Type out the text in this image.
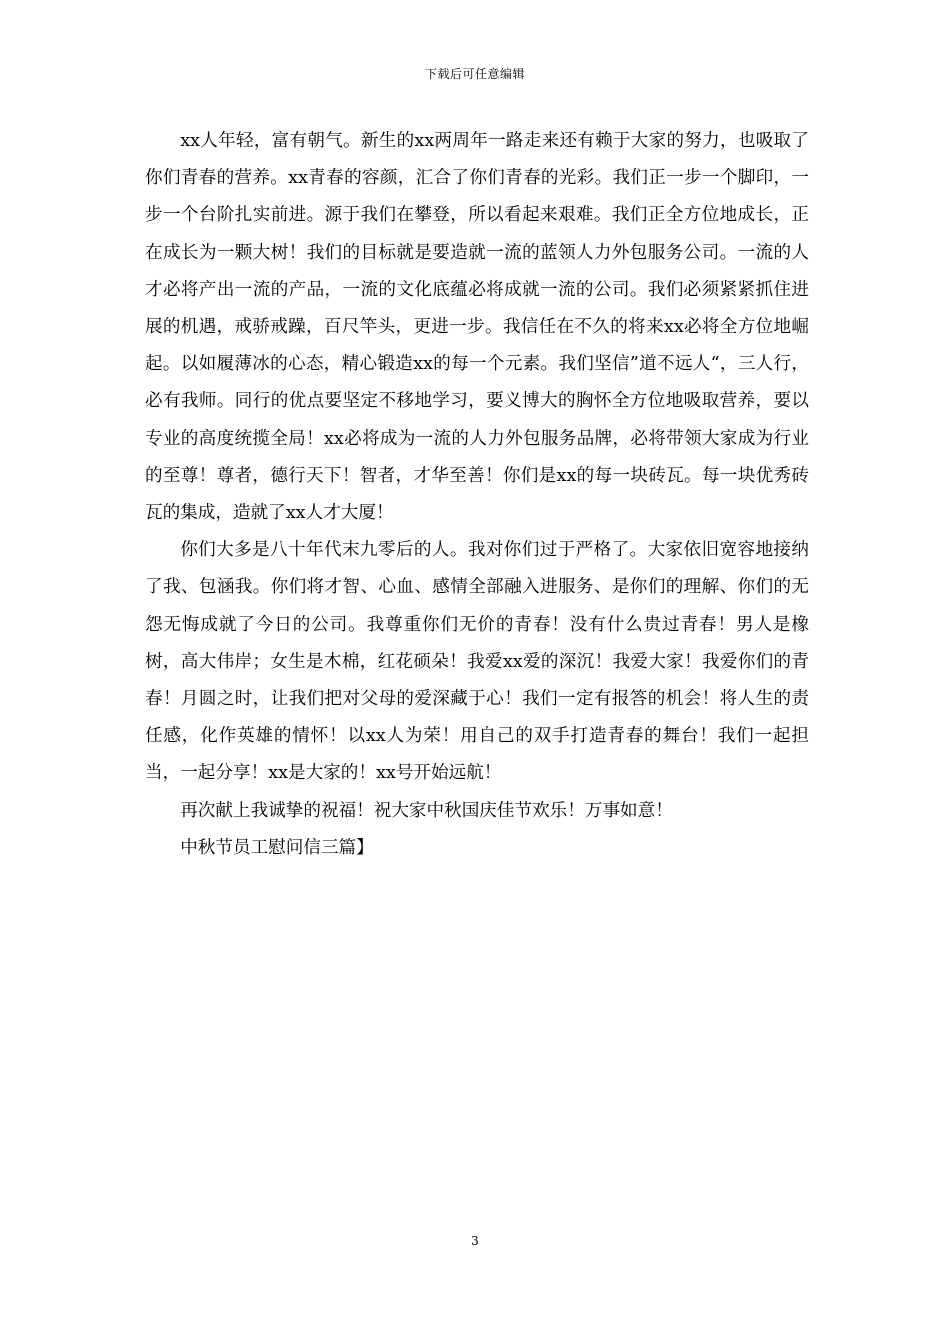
下载后可任意编辑

xx人年轻，富有朝气。新生的xx两周年一路走来还有赖于大家的努力，也吸取了你们青春的营养。xx青春的容颜，汇合了你们青春的光彩。我们正一步一个脚印，一步一个台阶扎实前进。源于我们在攀登，所以看起来艰难。我们正全方位地成长，正在成长为一颗大树！我们的目标就是要造就一流的蓝领人力外包服务公司。一流的人才必将产出一流的产品，一流的文化底蕴必将成就一流的公司。我们必须紧紧抓住进展的机遇，戒骄戒躁，百尺竿头，更进一步。我信任在不久的将来xx必将全方位地崛起。以如履薄冰的心态，精心锻造xx的每一个元素。我们坚信”道不远人“，三人行，必有我师。同行的优点要坚定不移地学习，要义博大的胸怀全方位地吸取营养，要以专业的高度统揽全局！xx必将成为一流的人力外包服务品牌，必将带领大家成为行业的至尊！尊者，德行天下！智者，才华至善！你们是xx的每一块砖瓦。每一块优秀砖瓦的集成，造就了xx人才大厦！

你们大多是八十年代末九零后的人。我对你们过于严格了。大家依旧宽容地接纳了我、包涵我。你们将才智、心血、感情全部融入进服务、是你们的理解、你们的无怨无悔成就了今日的公司。我尊重你们无价的青春！没有什么贵过青春！男人是橡树，高大伟岸；女生是木棉，红花硕朵！我爱xx爱的深沉！我爱大家！我爱你们的青春！月圆之时，让我们把对父母的爱深藏于心！我们一定有报答的机会！将人生的责任感，化作英雄的情怀！以xx人为荣！用自己的双手打造青春的舞台！我们一起担当，一起分享！xx是大家的！xx号开始远航！

再次献上我诚挚的祝福！祝大家中秋国庆佳节欢乐！万事如意！

中秋节员工慰问信三篇】

3
